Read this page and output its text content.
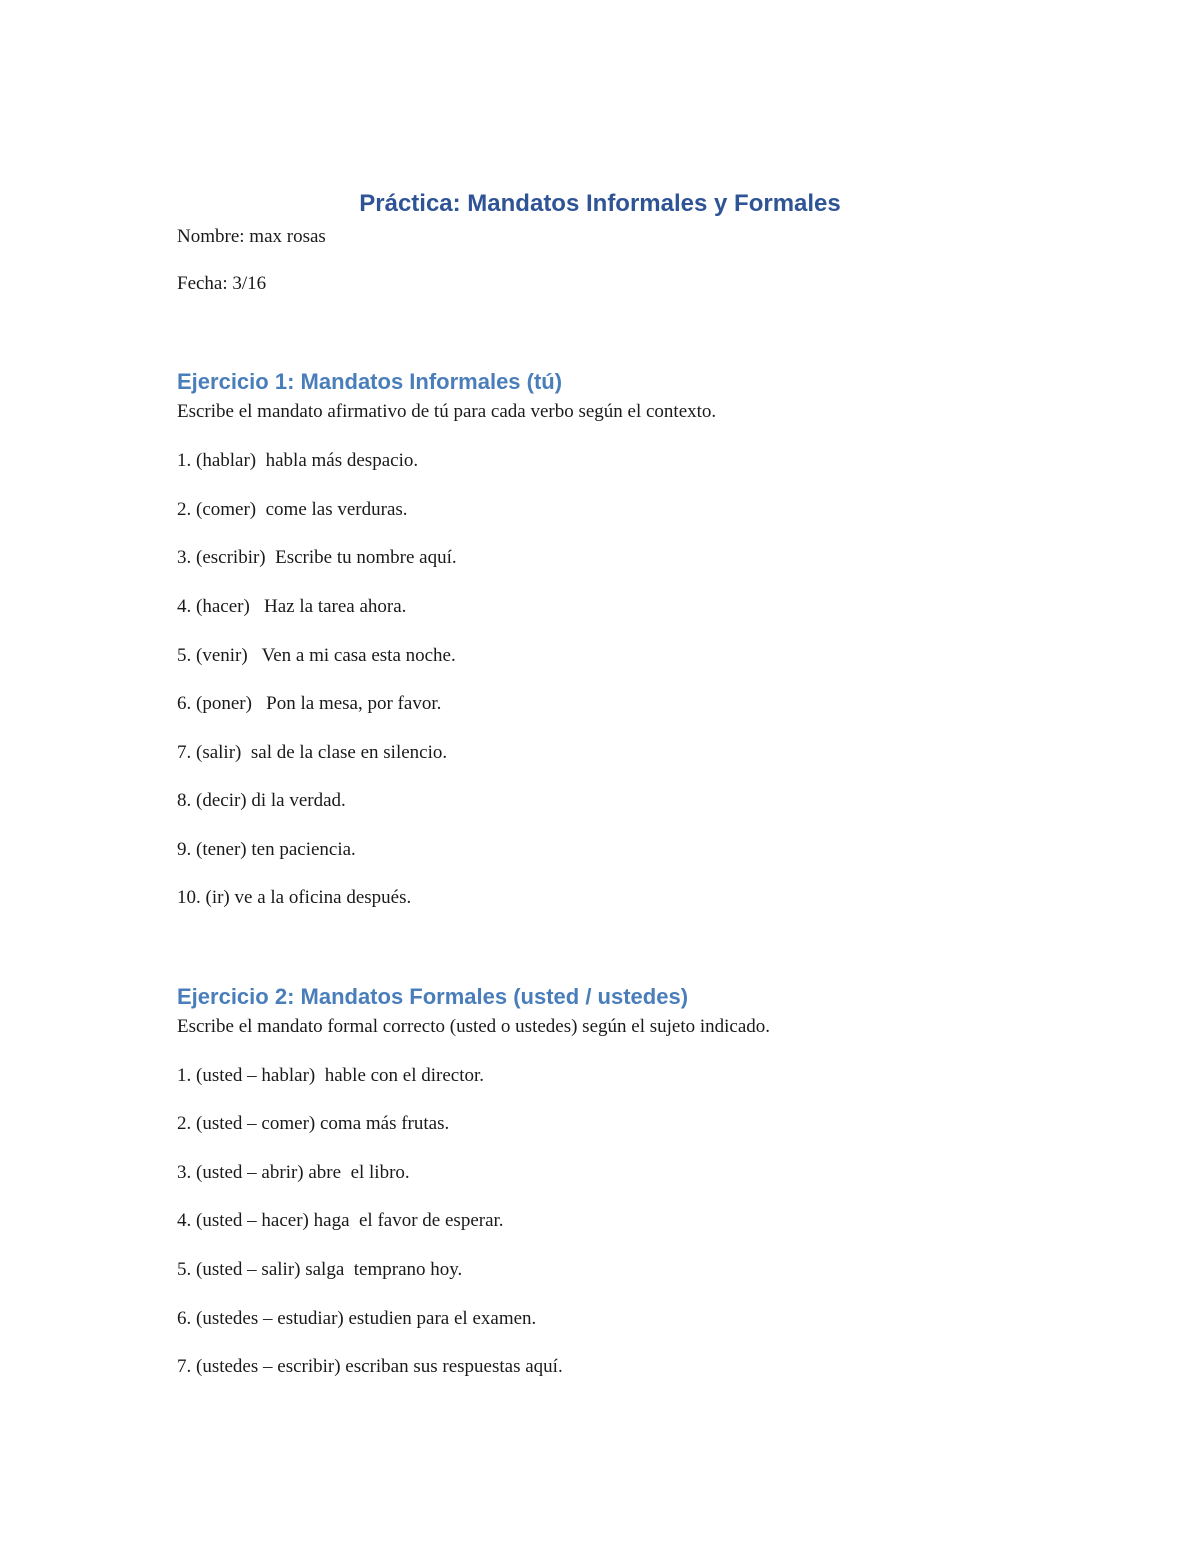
Práctica: Mandatos Informales y Formales

Nombre: max rosas

Fecha: 3/16

Ejercicio 1: Mandatos Informales (tú)

Escribe el mandato afirmativo de tú para cada verbo según el contexto.

1. (hablar)  habla más despacio.

2. (comer)  come las verduras.

3. (escribir)  Escribe tu nombre aquí.

4. (hacer)   Haz la tarea ahora.

5. (venir)   Ven a mi casa esta noche.

6. (poner)   Pon la mesa, por favor.

7. (salir)  sal de la clase en silencio.

8. (decir) di la verdad.

9. (tener) ten paciencia.

10. (ir) ve a la oficina después.

Ejercicio 2: Mandatos Formales (usted / ustedes)

Escribe el mandato formal correcto (usted o ustedes) según el sujeto indicado.

1. (usted – hablar)  hable con el director.

2. (usted – comer) coma más frutas.

3. (usted – abrir) abre  el libro.

4. (usted – hacer) haga  el favor de esperar.

5. (usted – salir) salga  temprano hoy.

6. (ustedes – estudiar) estudien para el examen.

7. (ustedes – escribir) escriban sus respuestas aquí.
